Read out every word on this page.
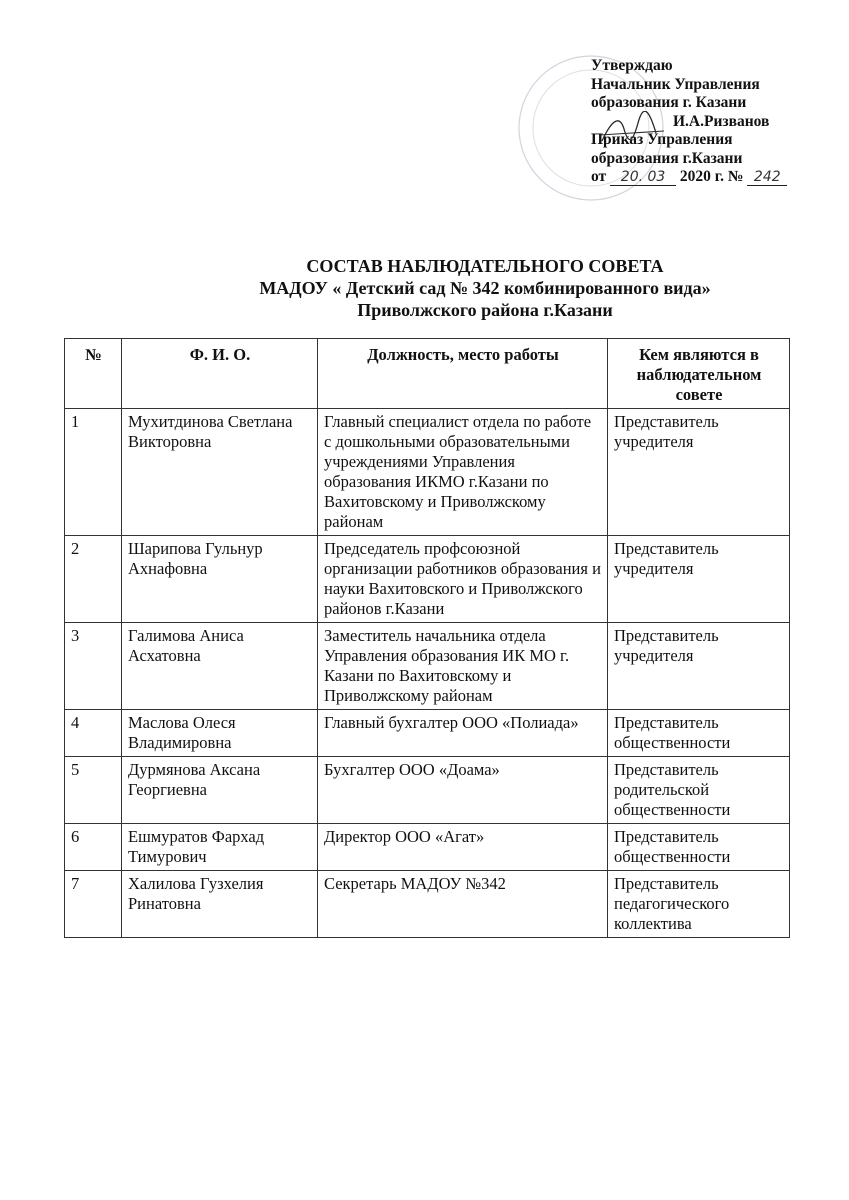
Утверждаю
Начальник Управления
образования г. Казани
И.А.Ризванов
Приказ Управления
образования г.Казани
от 20. 03 2020 г. № 242
СОСТАВ НАБЛЮДАТЕЛЬНОГО СОВЕТА
МАДОУ « Детский сад № 342 комбинированного вида»
Приволжского района г.Казани
№	Ф. И. О.	Должность, место работы	Кем являются в наблюдательном совете
1	Мухитдинова Светлана Викторовна	Главный специалист отдела по работе с дошкольными образовательными учреждениями Управления образования ИКМО г.Казани по Вахитовскому и Приволжскому районам	Представитель учредителя
2	Шарипова Гульнур Ахнафовна	Председатель профсоюзной организации работников образования и науки Вахитовского и Приволжского районов г.Казани	Представитель учредителя
3	Галимова Аниса Асхатовна	Заместитель начальника отдела Управления образования ИК МО г. Казани по Вахитовскому и Приволжскому районам	Представитель учредителя
4	Маслова Олеся Владимировна	Главный бухгалтер ООО «Полиада»	Представитель общественности
5	Дурмянова Аксана Георгиевна	Бухгалтер ООО «Доама»	Представитель родительской общественности
6	Ешмуратов Фархад Тимурович	Директор ООО «Агат»	Представитель общественности
7	Халилова Гузхелия Ринатовна	Секретарь МАДОУ №342	Представитель педагогического коллектива
